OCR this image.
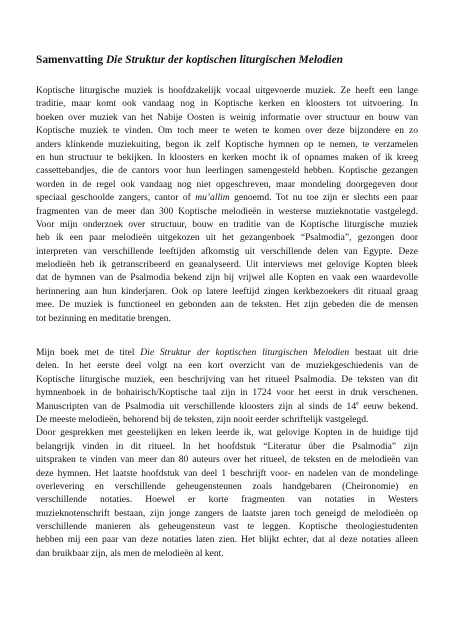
Samenvatting Die Struktur der koptischen liturgischen Melodien
Koptische liturgische muziek is hoofdzakelijk vocaal uitgevoerde muziek. Ze heeft een lange
traditie, maar komt ook vandaag nog in Koptische kerken en kloosters tot uitvoering. In
boeken over muziek van het Nabije Oosten is weinig informatie over structuur en bouw van
Koptische muziek te vinden. Om toch meer te weten te komen over deze bijzondere en zo
anders klinkende muziekuiting, begon ik zelf Koptische hymnen op te nemen, te verzamelen
en hun structuur te bekijken. In kloosters en kerken mocht ik of opnames maken of ik kreeg
cassettebandjes, die de cantors voor hun leerlingen samengesteld hebben. Koptische gezangen
worden in de regel ook vandaag nog niet opgeschreven, maar mondeling doorgegeven door
speciaal geschoolde zangers, cantor of mu’allim genoemd. Tot nu toe zijn er slechts een paar
fragmenten van de meer dan 300 Koptische melodieën in westerse muzieknotatie vastgelegd.
Voor mijn onderzoek over structuur, bouw en traditie van de Koptische liturgische muziek
heb ik een paar melodieën uitgekozen uit het gezangenboek “Psalmodia”, gezongen door
interpreten van verschillende leeftijden afkomstig uit verschillende delen van Egypte. Deze
melodieën heb ik getranscribeerd en geanalyseerd. Uit interviews met gelovige Kopten bleek
dat de hymnen van de Psalmodia bekend zijn bij vrijwel alle Kopten en vaak een waardevolle
herinnering aan hun kinderjaren. Ook op latere leeftijd zingen kerkbezoekers dit rituaal graag
mee. De muziek is functioneel en gebonden aan de teksten. Het zijn gebeden die de mensen
tot bezinning en meditatie brengen.
Mijn boek met de titel Die Struktur der koptischen liturgischen Melodien bestaat uit drie
delen. In het eerste deel volgt na een kort overzicht van de muziekgeschiedenis van de
Koptische liturgische muziek, een beschrijving van het ritueel Psalmodia. De teksten van dit
hymnenboek in de bohairisch/Koptische taal zijn in 1724 voor het eerst in druk verschenen.
Manuscripten van de Psalmodia uit verschillende kloosters zijn al sinds de 14e eeuw bekend.
De meeste melodieën, behorend bij de teksten, zijn nooit eerder schriftelijk vastgelegd.
Door gesprekken met geestelijken en leken leerde ik, wat gelovige Kopten in de huidige tijd
belangrijk vinden in dit ritueel. In het hoofdstuk “Literatur über die Psalmodia” zijn
uitspraken te vinden van meer dan 80 auteurs over het ritueel, de teksten en de melodieën van
deze hymnen. Het laatste hoofdstuk van deel 1 beschrijft voor- en nadelen van de mondelinge
overlevering en verschillende geheugensteunen zoals handgebaren (Cheironomie) en
verschillende notaties. Hoewel er korte fragmenten van notaties in Westers
muzieknotenschrift bestaan, zijn jonge zangers de laatste jaren toch geneigd de melodieën op
verschillende manieren als geheugensteun vast te leggen. Koptische theologiestudenten
hebben mij een paar van deze notaties laten zien. Het blijkt echter, dat al deze notaties alleen
dan bruikbaar zijn, als men de melodieën al kent.
